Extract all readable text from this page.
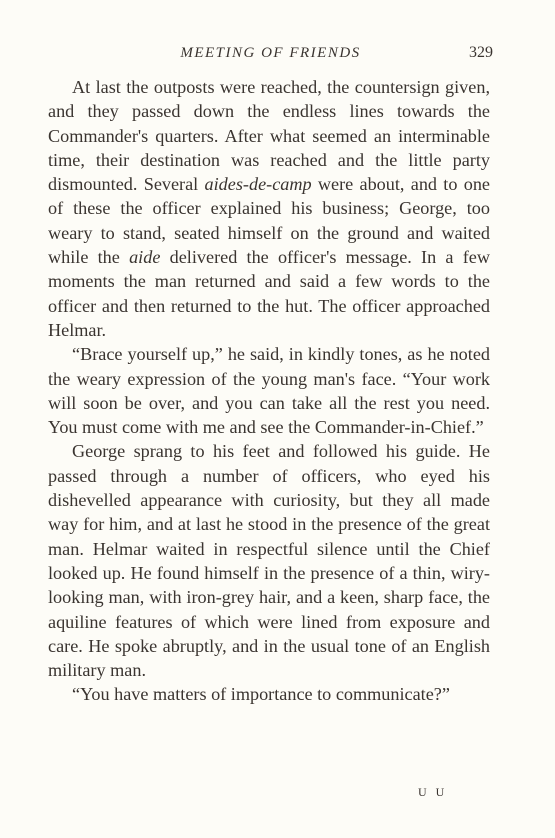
MEETING OF FRIENDS	329

At last the outposts were reached, the countersign given, and they passed down the endless lines towards the Commander's quarters. After what seemed an interminable time, their destination was reached and the little party dismounted. Several aides-de-camp were about, and to one of these the officer explained his business; George, too weary to stand, seated himself on the ground and waited while the aide delivered the officer's message. In a few moments the man returned and said a few words to the officer and then returned to the hut. The officer approached Helmar.

“Brace yourself up,” he said, in kindly tones, as he noted the weary expression of the young man's face. “Your work will soon be over, and you can take all the rest you need. You must come with me and see the Commander-in-Chief.”

George sprang to his feet and followed his guide. He passed through a number of officers, who eyed his dishevelled appearance with curiosity, but they all made way for him, and at last he stood in the presence of the great man. Helmar waited in respectful silence until the Chief looked up. He found himself in the presence of a thin, wiry-looking man, with iron-grey hair, and a keen, sharp face, the aquiline features of which were lined from exposure and care. He spoke abruptly, and in the usual tone of an English military man.

“You have matters of importance to communicate?”

U U
